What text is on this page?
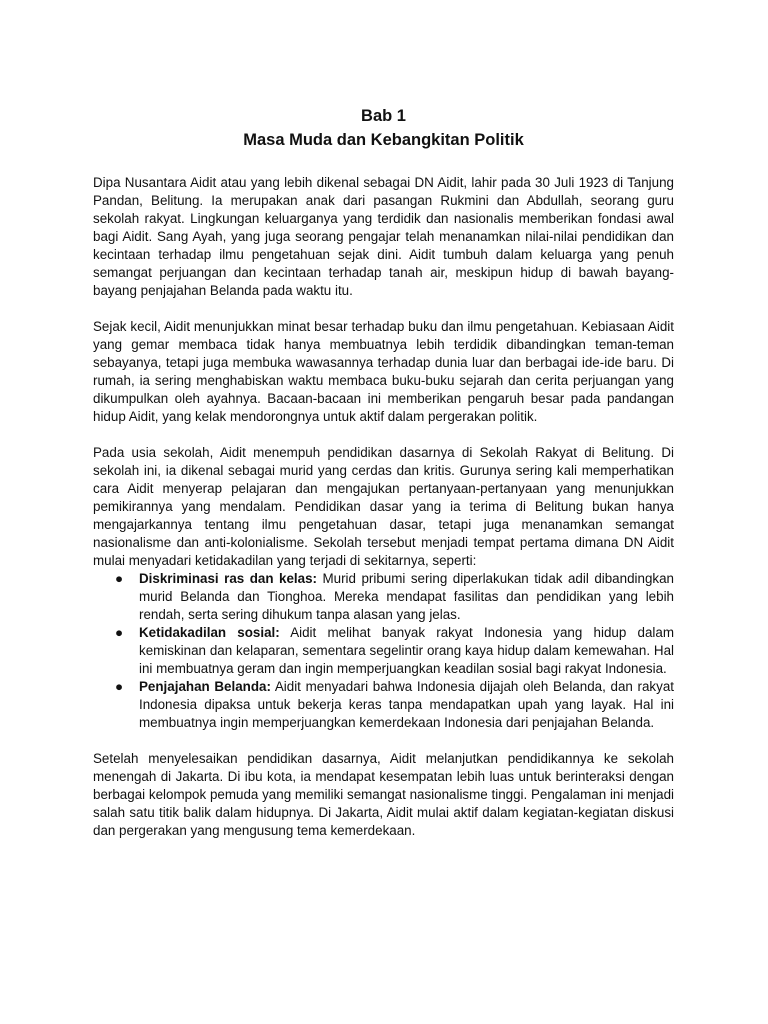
Bab 1
Masa Muda dan Kebangkitan Politik

Dipa Nusantara Aidit atau yang lebih dikenal sebagai DN Aidit, lahir pada 30 Juli 1923 di Tanjung Pandan, Belitung. Ia merupakan anak dari pasangan Rukmini dan Abdullah, seorang guru sekolah rakyat. Lingkungan keluarganya yang terdidik dan nasionalis memberikan fondasi awal bagi Aidit. Sang Ayah, yang juga seorang pengajar telah menanamkan nilai-nilai pendidikan dan kecintaan terhadap ilmu pengetahuan sejak dini. Aidit tumbuh dalam keluarga yang penuh semangat perjuangan dan kecintaan terhadap tanah air, meskipun hidup di bawah bayang-bayang penjajahan Belanda pada waktu itu.

Sejak kecil, Aidit menunjukkan minat besar terhadap buku dan ilmu pengetahuan. Kebiasaan Aidit yang gemar membaca tidak hanya membuatnya lebih terdidik dibandingkan teman-teman sebayanya, tetapi juga membuka wawasannya terhadap dunia luar dan berbagai ide-ide baru. Di rumah, ia sering menghabiskan waktu membaca buku-buku sejarah dan cerita perjuangan yang dikumpulkan oleh ayahnya. Bacaan-bacaan ini memberikan pengaruh besar pada pandangan hidup Aidit, yang kelak mendorongnya untuk aktif dalam pergerakan politik.

Pada usia sekolah, Aidit menempuh pendidikan dasarnya di Sekolah Rakyat di Belitung. Di sekolah ini, ia dikenal sebagai murid yang cerdas dan kritis. Gurunya sering kali memperhatikan cara Aidit menyerap pelajaran dan mengajukan pertanyaan-pertanyaan yang menunjukkan pemikirannya yang mendalam. Pendidikan dasar yang ia terima di Belitung bukan hanya mengajarkannya tentang ilmu pengetahuan dasar, tetapi juga menanamkan semangat nasionalisme dan anti-kolonialisme. Sekolah tersebut menjadi tempat pertama dimana DN Aidit mulai menyadari ketidakadilan yang terjadi di sekitarnya, seperti:

● Diskriminasi ras dan kelas: Murid pribumi sering diperlakukan tidak adil dibandingkan murid Belanda dan Tionghoa. Mereka mendapat fasilitas dan pendidikan yang lebih rendah, serta sering dihukum tanpa alasan yang jelas.
● Ketidakadilan sosial: Aidit melihat banyak rakyat Indonesia yang hidup dalam kemiskinan dan kelaparan, sementara segelintir orang kaya hidup dalam kemewahan. Hal ini membuatnya geram dan ingin memperjuangkan keadilan sosial bagi rakyat Indonesia.
● Penjajahan Belanda: Aidit menyadari bahwa Indonesia dijajah oleh Belanda, dan rakyat Indonesia dipaksa untuk bekerja keras tanpa mendapatkan upah yang layak. Hal ini membuatnya ingin memperjuangkan kemerdekaan Indonesia dari penjajahan Belanda.

Setelah menyelesaikan pendidikan dasarnya, Aidit melanjutkan pendidikannya ke sekolah menengah di Jakarta. Di ibu kota, ia mendapat kesempatan lebih luas untuk berinteraksi dengan berbagai kelompok pemuda yang memiliki semangat nasionalisme tinggi. Pengalaman ini menjadi salah satu titik balik dalam hidupnya. Di Jakarta, Aidit mulai aktif dalam kegiatan-kegiatan diskusi dan pergerakan yang mengusung tema kemerdekaan.
